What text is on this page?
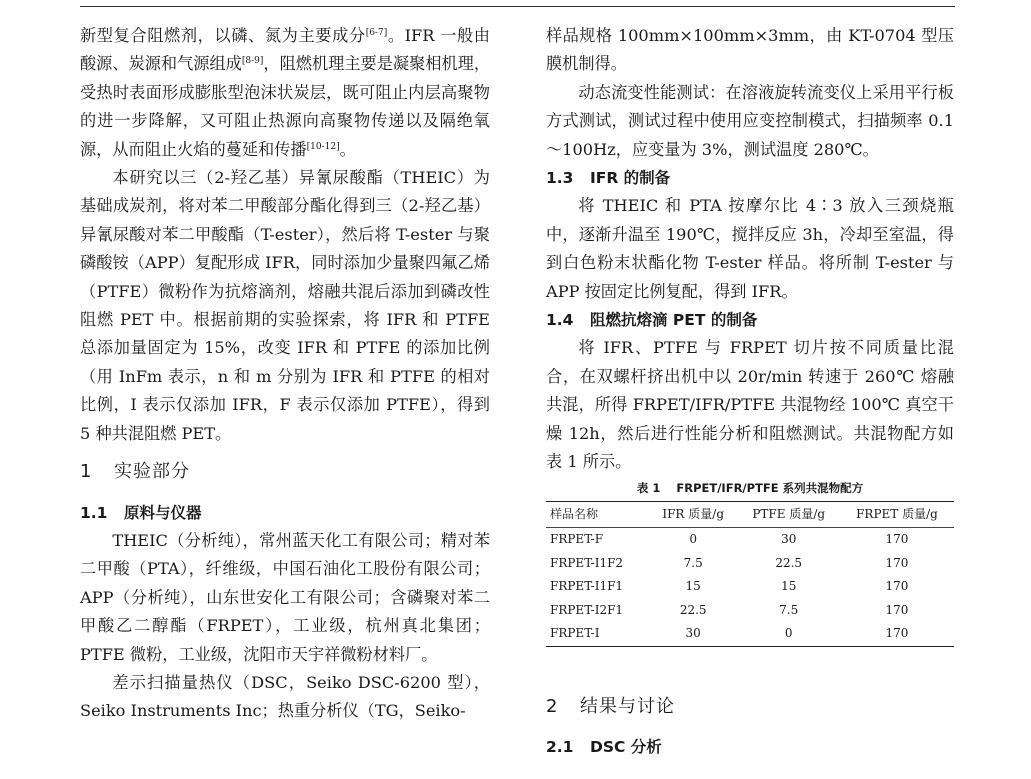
新型复合阻燃剂，以磷、氮为主要成分[6-7]。IFR 一般由酸源、炭源和气源组成[8-9]，阻燃机理主要是凝聚相机理，受热时表面形成膨胀型泡沫状炭层，既可阻止内层高聚物的进一步降解，又可阻止热源向高聚物传递以及隔绝氧源，从而阻止火焰的蔓延和传播[10-12]。

本研究以三（2-羟乙基）异氰尿酸酯（THEIC）为基础成炭剂，将对苯二甲酸部分酯化得到三（2-羟乙基）异氰尿酸对苯二甲酸酯（T-ester），然后将 T-ester 与聚磷酸铵（APP）复配形成 IFR，同时添加少量聚四氟乙烯（PTFE）微粉作为抗熔滴剂，熔融共混后添加到磷改性阻燃 PET 中。根据前期的实验探索，将 IFR 和 PTFE 总添加量固定为 15%，改变 IFR 和 PTFE 的添加比例（用 InFm 表示，n 和 m 分别为 IFR 和 PTFE 的相对比例，I 表示仅添加 IFR，F 表示仅添加 PTFE），得到 5 种共混阻燃 PET。

1 实验部分
1.1 原料与仪器

THEIC（分析纯），常州蓝天化工有限公司；精对苯二甲酸（PTA），纤维级，中国石油化工股份有限公司；APP（分析纯），山东世安化工有限公司；含磷聚对苯二甲酸乙二醇酯（FRPET），工业级，杭州真北集团；PTFE 微粉，工业级，沈阳市天宇祥微粉材料厂。

差示扫描量热仪（DSC，Seiko DSC-6200 型），Seiko Instruments Inc；热重分析仪（TG，Seiko-

样品规格 100mm×100mm×3mm，由 KT-0704 型压膜机制得。

动态流变性能测试：在溶液旋转流变仪上采用平行板方式测试，测试过程中使用应变控制模式，扫描频率 0.1～100Hz，应变量为 3%，测试温度 280℃。

1.3 IFR 的制备

将 THEIC 和 PTA 按摩尔比 4∶3 放入三颈烧瓶中，逐渐升温至 190℃，搅拌反应 3h，冷却至室温，得到白色粉末状酯化物 T-ester 样品。将所制 T-ester 与 APP 按固定比例复配，得到 IFR。

1.4 阻燃抗熔滴 PET 的制备

将 IFR、PTFE 与 FRPET 切片按不同质量比混合，在双螺杆挤出机中以 20r/min 转速于 260℃ 熔融共混，所得 FRPET/IFR/PTFE 共混物经 100℃ 真空干燥 12h，然后进行性能分析和阻燃测试。共混物配方如表 1 所示。

表 1 FRPET/IFR/PTFE 系列共混物配方
样品名称	IFR 质量/g	PTFE 质量/g	FRPET 质量/g
FRPET-F	0	30	170
FRPET-I1F2	7.5	22.5	170
FRPET-I1F1	15	15	170
FRPET-I2F1	22.5	7.5	170
FRPET-I	30	0	170
2 结果与讨论
2.1 DSC 分析
